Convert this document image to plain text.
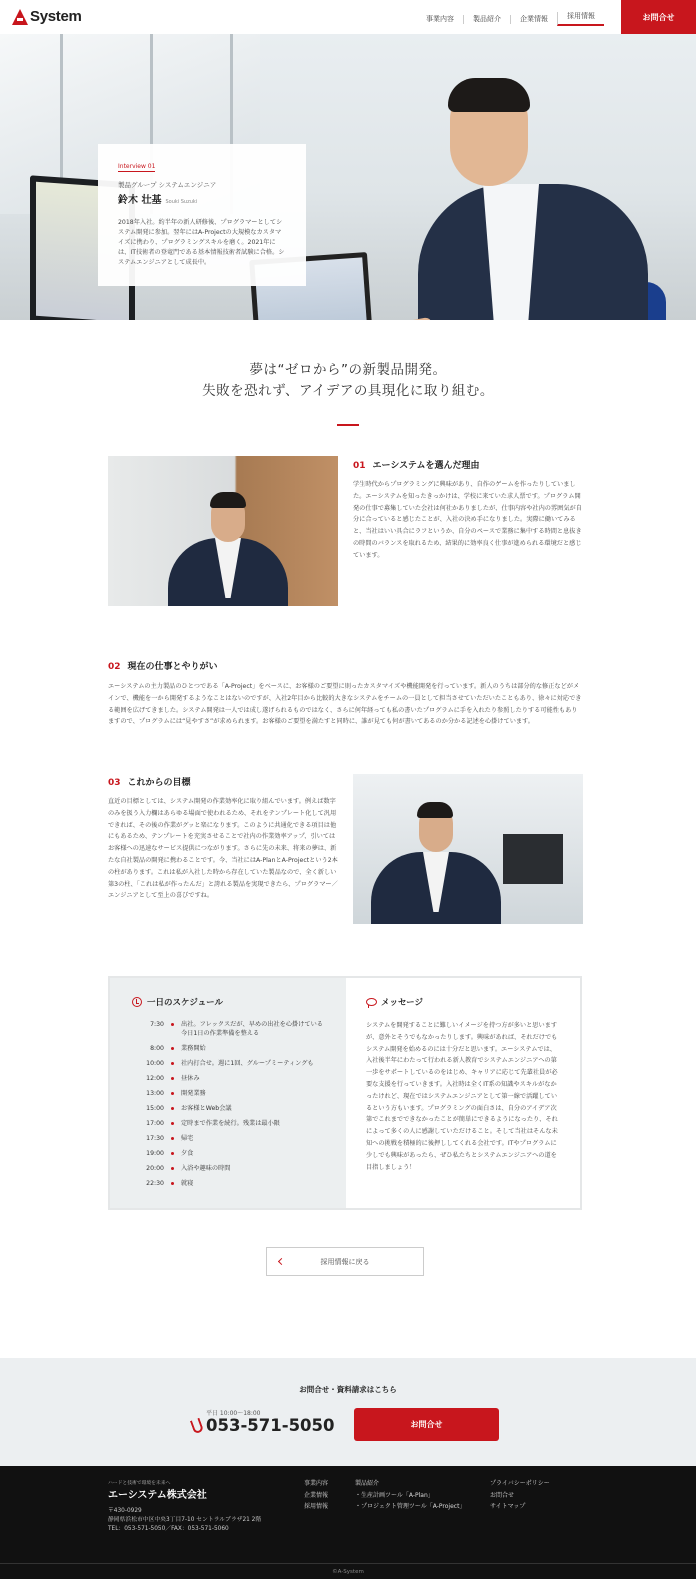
System	事業内容	製品紹介	企業情報	採用情報	お問合せ
Interview 01
製品グループ システムエンジニア
鈴木 壮基 Souki Suzuki

2018年入社。約半年の新人研修後、プログラマーとしてシステム開発に参加。翌年にはA-Projectの大規模なカスタマイズに携わり、プログラミングスキルを磨く。2021年には、IT技術者の登竜門である基本情報技術者試験に合格。システムエンジニアとして成長中。

夢は“ゼロから”の新製品開発。

失敗を恐れず、アイデアの具現化に取り組む。

01 エーシステムを選んだ理由

学生時代からプログラミングに興味があり、自作のゲームを作ったりしていました。エーシステムを知ったきっかけは、学校に来ていた求人票です。プログラム開発の仕事で募集していた会社は何社かありましたが、仕事内容や社内の雰囲気が自分に合っていると感じたことが、入社の決め手になりました。実際に働いてみると、当社はいい具合にラフというか、自分のペースで業務に集中する時間と息抜きの時間のバランスを取れるため、結果的に効率良く仕事が進められる環境だと感じています。

02 現在の仕事とやりがい

エーシステムの主力製品のひとつである「A-Project」をベースに、お客様のご要望に則ったカスタマイズや機能開発を行っています。新人のうちは部分的な修正などがメインで、機能を一から開発するようなことはないのですが、入社2年目から比較的大きなシステムをチームの一員として担当させていただいたこともあり、徐々に対応できる範囲を広げてきました。システム開発は一人では成し遂げられるものではなく、さらに何年経っても私の書いたプログラムに手を入れたり参照したりする可能性もありますので、プログラムには“見やすさ”が求められます。お客様のご要望を満たすと同時に、誰が見ても何が書いてあるのか分かる記述を心掛けています。

03 これからの目標

直近の目標としては、システム開発の作業効率化に取り組んでいます。例えば数字のみを扱う入力欄はあらゆる場面で使われるため、それをテンプレート化して汎用できれば、その後の作業がグッと楽になります。このように共通化できる項目は他にもあるため、テンプレートを充実させることで社内の作業効率アップ、引いてはお客様への迅速なサービス提供につながります。さらに先の未来、将来の夢は、新たな自社製品の開発に携わることです。今、当社にはA-PlanとA-Projectという2本の柱があります。これは私が入社した時から存在していた製品なので、全く新しい第3の柱、「これは私が作ったんだ」と誇れる製品を実現できたら、プログラマー／エンジニアとして至上の喜びですね。

一日のスケジュール
7:30	出社。フレックスだが、早めの出社を心掛けている　今日1日の作業準備を整える
8:00	業務開始
10:00	社内打合せ。週に1回、グループミーティングも
12:00	昼休み
13:00	開発業務
15:00	お客様とWeb会議
17:00	定時まで作業を続行。残業は最小限
17:30	帰宅
19:00	夕食
20:00	入浴や趣味の時間
22:30	就寝
メッセージ

システムを開発することに難しいイメージを持つ方が多いと思いますが、意外とそうでもなかったりします。興味があれば、それだけでもシステム開発を始めるのには十分だと思います。エーシステムでは、入社後半年にわたって行われる新人教育でシステムエンジニアへの第一歩をサポートしているのをはじめ、キャリアに応じて先輩社員が必要な支援を行っていきます。入社時は全くIT系の知識やスキルがなかったけれど、現在ではシステムエンジニアとして第一線で活躍しているという方もいます。プログラミングの面白さは、自分のアイデア次第でこれまでできなかったことが簡単にできるようになったり、それによって多くの人に感謝していただけること。そして当社はそんな未知への挑戦を積極的に後押ししてくれる会社です。ITやプログラムに少しでも興味があったら、ぜひ私たちとシステムエンジニアへの道を目指しましょう！

採用情報に戻る
お問合せ・資料請求はこちら
平日 10:00〜18:00
053-571-5050	お問合せ
ハードと技術で環境を未来へ
エーシステム株式会社
〒430-0929
静岡県浜松市中区中央3丁目7-10 セントラルプラザ21 2階
TEL：053-571-5050／FAX：053-571-5060
事業内容
企業情報
採用情報
製品紹介
・生産計画ツール「A-Plan」
・プロジェクト管理ツール「A-Project」
プライバシーポリシー
お問合せ
サイトマップ
©A-System
